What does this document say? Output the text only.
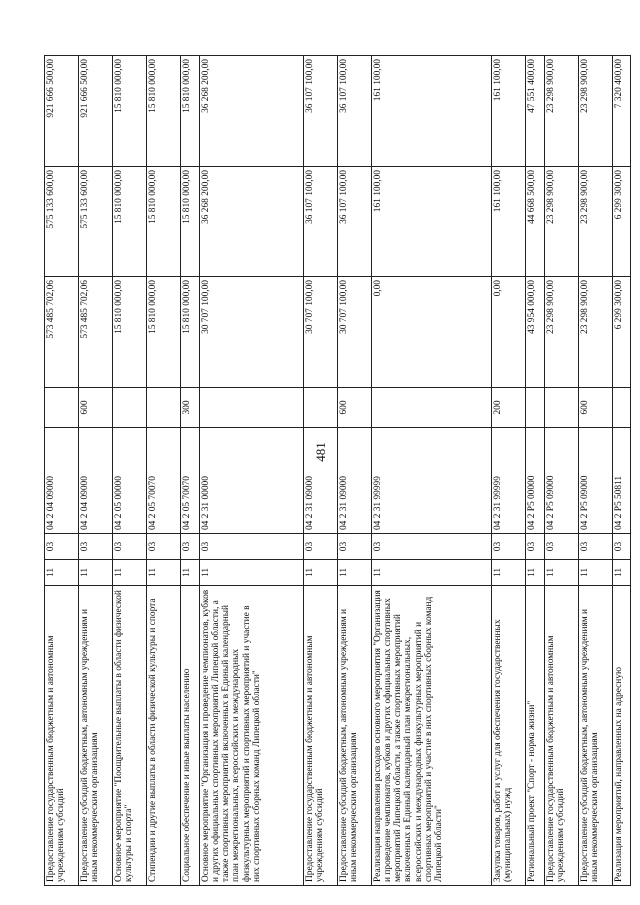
481
Предоставление государственным бюджетным и автономным учреждениям субсидий	11	03	04 2 04 09000		573 485 702,06	575 133 600,00	921 666 500,00
Предоставление субсидий бюджетным, автономным учреждениям и иным некоммерческим организациям	11	03	04 2 04 09000	600	573 485 702,06	575 133 600,00	921 666 500,00
Основное мероприятие "Поощрительные выплаты в области физической культуры и спорта"	11	03	04 2 05 00000		15 810 000,00	15 810 000,00	15 810 000,00
Стипендии и другие выплаты в области физической культуры и спорта	11	03	04 2 05 70070		15 810 000,00	15 810 000,00	15 810 000,00
Социальное обеспечение и иные выплаты населению	11	03	04 2 05 70070	300	15 810 000,00	15 810 000,00	15 810 000,00
Основное мероприятие "Организация и проведение чемпионатов, кубков и других официальных спортивных мероприятий Липецкой области, а также спортивных мероприятий включенных в Единый календарный план межрегиональных, всероссийских и международных физкультурных мероприятий и спортивных мероприятий и участие в них спортивных сборных команд Липецкой области"	11	03	04 2 31 00000		30 707 100,00	36 268 200,00	36 268 200,00
Предоставление государственным бюджетным и автономным учреждениям субсидий	11	03	04 2 31 09000		30 707 100,00	36 107 100,00	36 107 100,00
Предоставление субсидий бюджетным, автономным учреждениям и иным некоммерческим организациям	11	03	04 2 31 09000	600	30 707 100,00	36 107 100,00	36 107 100,00
Реализация направления расходов основного мероприятия "Организация и проведение чемпионатов, кубков и других официальных спортивных мероприятий Липецкой области, а также спортивных мероприятий включенных в Единый календарный план межрегиональных, всероссийских и международных физкультурных мероприятий и спортивных мероприятий и участие в них спортивных сборных команд Липецкой области"	11	03	04 2 31 99999		0,00	161 100,00	161 100,00
Закупка товаров, работ и услуг для обеспечения государственных (муниципальных) нужд	11	03	04 2 31 99999	200	0,00	161 100,00	161 100,00
Региональный проект "Спорт - норма жизни"	11	03	04 2 P5 00000		43 954 000,00	44 668 500,00	47 551 400,00
Предоставление государственным бюджетным и автономным учреждениям субсидий	11	03	04 2 P5 09000		23 298 900,00	23 298 900,00	23 298 900,00
Предоставление субсидий бюджетным, автономным учреждениям и иным некоммерческим организациям	11	03	04 2 P5 09000	600	23 298 900,00	23 298 900,00	23 298 900,00
Реализация мероприятий, направленных на адресную	11	03	04 2 P5 50811		6 299 300,00	6 299 300,00	7 320 400,00
